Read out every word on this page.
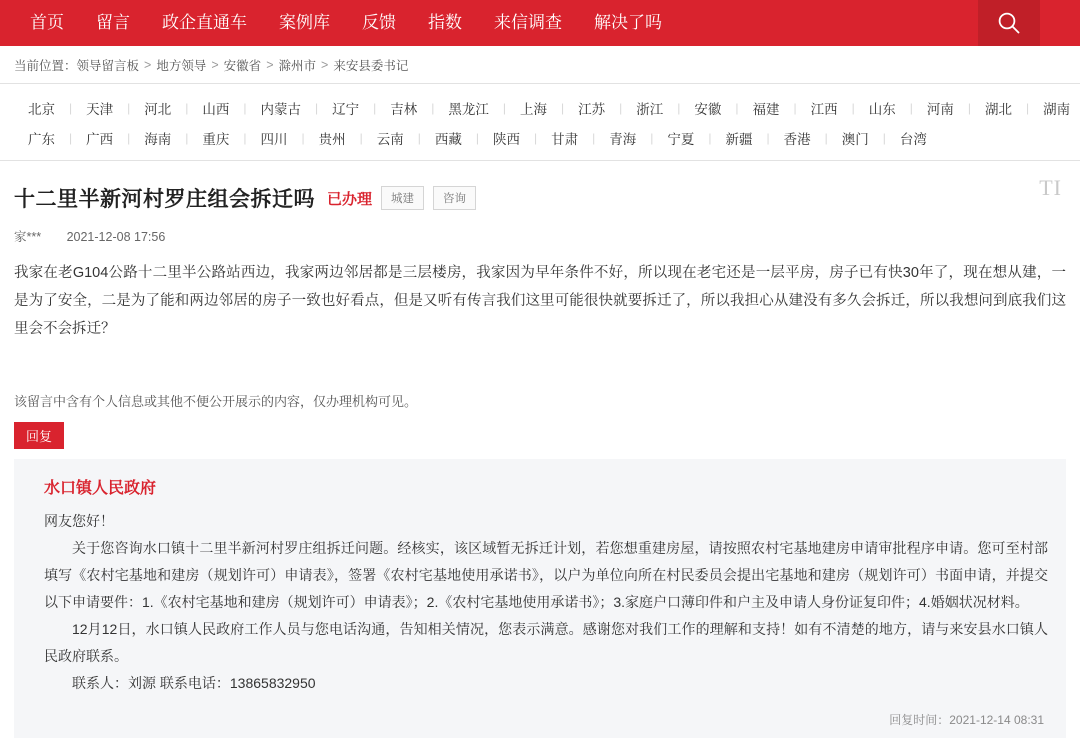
首页	留言	政企直通车	案例库	反馈	指数	来信调查	解决了吗
当前位置： 领导留言板 > 地方领导 > 安徽省 > 滁州市 > 来安县委书记
北京	|	天津	|	河北	|	山西	|	内蒙古	|	辽宁	|	吉林	|	黑龙江	|	上海	|	江苏	|	浙江	|	安徽	|	福建	|	江西	|	山东	|	河南	|	湖北	|	湖南
广东	|	广西	|	海南	|	重庆	|	四川	|	贵州	|	云南	|	西藏	|	陕西	|	甘肃	|	青海	|	宁夏	|	新疆	|	香港	|	澳门	|	台湾
十二里半新河村罗庄组会拆迁吗 已办理	城建	咨询	TI
家*** 2021-12-08 17:56
我家在老G104公路十二里半公路站西边，我家两边邻居都是三层楼房，我家因为早年条件不好，所以现在老宅还是一层平房，房子已有快30年了，现在想从建，一是为了安全，二是为了能和两边邻居的房子一致也好看点，但是又听有传言我们这里可能很快就要拆迁了，所以我担心从建没有多久会拆迁，所以我想问到底我们这里会不会拆迁？
该留言中含有个人信息或其他不便公开展示的内容，仅办理机构可见。
回复
水口镇人民政府
网友您好！
关于您咨询水口镇十二里半新河村罗庄组拆迁问题。经核实，该区域暂无拆迁计划，若您想重建房屋，请按照农村宅基地建房申请审批程序申请。您可至村部填写《农村宅基地和建房（规划许可）申请表》，签署《农村宅基地使用承诺书》，以户为单位向所在村民委员会提出宅基地和建房（规划许可）书面申请，并提交以下申请要件：1.《农村宅基地和建房（规划许可）申请表》；2.《农村宅基地使用承诺书》；3.家庭户口薄印件和户主及申请人身份证复印件；4.婚姻状况材料。
12月12日，水口镇人民政府工作人员与您电话沟通，告知相关情况，您表示满意。感谢您对我们工作的理解和支持！如有不清楚的地方，请与来安县水口镇人民政府联系。
联系人：刘源 联系电话：13865832950
回复时间：2021-12-14 08:31
